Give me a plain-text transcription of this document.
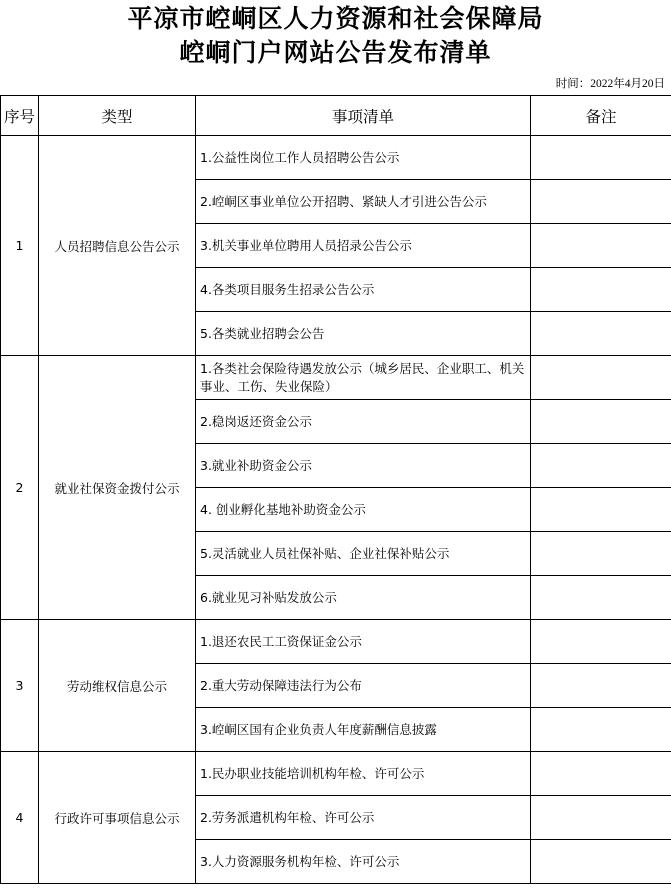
平凉市崆峒区人力资源和社会保障局
崆峒门户网站公告发布清单
时间：2022年4月20日
序号	类型	事项清单	备注
1	人员招聘信息公告公示	1.公益性岗位工作人员招聘公告公示	
		2.崆峒区事业单位公开招聘、紧缺人才引进公告公示	
		3.机关事业单位聘用人员招录公告公示	
		4.各类项目服务生招录公告公示	
		5.各类就业招聘会公告	
2	就业社保资金拨付公示	1.各类社会保险待遇发放公示（城乡居民、企业职工、机关事业、工伤、失业保险）	
		2.稳岗返还资金公示	
		3.就业补助资金公示	
		4. 创业孵化基地补助资金公示	
		5.灵活就业人员社保补贴、企业社保补贴公示	
		6.就业见习补贴发放公示	
3	劳动维权信息公示	1.退还农民工工资保证金公示	
		2.重大劳动保障违法行为公布	
		3.崆峒区国有企业负责人年度薪酬信息披露	
4	行政许可事项信息公示	1.民办职业技能培训机构年检、许可公示	
		2.劳务派遣机构年检、许可公示	
		3.人力资源服务机构年检、许可公示	
